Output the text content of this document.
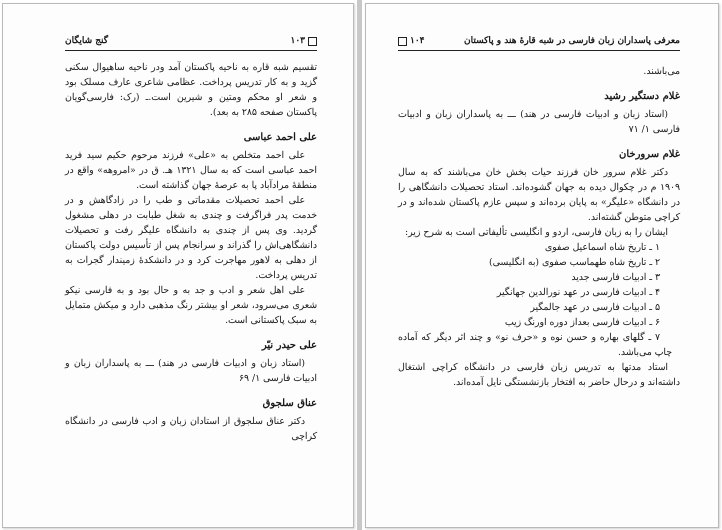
گنج شایگان	۱۰۳

تقسیم شبه قاره به ناحیه پاکستان آمد ودر ناحیه ساهیوال سکنی گزید و به کار تدریس پرداخت. عظامی شاعری عارف مسلک بود و شعر او محکم ومتین و شیرین است.ـ (رک: فارسی‌گویان پاکستان صفحه ۲۸۵ به بعد).

علی احمد عباسی

علی احمد متخلص به «علی» فرزند مرحوم حکیم سید فرید احمد عباسی است که به سال ۱۳۲۱ هـ. ق در «امروهه» واقع در منطقهٔ مرادآباد پا به عرصهٔ جهان گذاشته است.

علی احمد تحصیلات مقدماتی و طب را در زادگاهش و در خدمت پدر فراگرفت و چندی به شغل طبابت در دهلی مشغول گردید. وی پس از چندی به دانشگاه علیگر رفت و تحصیلات دانشگاهی‌اش را گذراند و سرانجام پس از تأسیس دولت پاکستان از دهلی به لاهور مهاجرت کرد و در دانشکدهٔ زمیندار گجرات به تدریس پرداخت.

علی اهل شعر و ادب و جد به و حال بود و به فارسی نیکو شعری می‌سرود، شعر او بیشتر رنگ مذهبی دارد و میکش متمایل به سبک پاکستانی است.

علی حیدر نیّر

(استاد زبان و ادبیات فارسی در هند) ـــ به پاسداران زبان و ادبیات فارسی ۱/ ۶۹

عناق سلجوق

دکتر عناق سلجوق از استادان زبان و ادب فارسی در دانشگاه کراچی

۱۰۴	معرفی پاسداران زبان فارسی در شبه قارهٔ هند و پاکستان

می‌باشند.

غلام دستگیر رشید

(استاد زبان و ادبیات فارسی در هند) ـــ به پاسداران زبان و ادبیات فارسی ۱/ ۷۱

غلام سرورخان

دکتر غلام سرور خان فرزند حیات بخش خان می‌باشند که به سال ۱۹۰۹ م در چکوال دیده به جهان گشوده‌اند. استاد تحصیلات دانشگاهی را در دانشگاه «علیگر» به پایان برده‌اند و سپس عازم پاکستان شده‌اند و در کراچی متوطن گشته‌اند.

ایشان را به زبان فارسی، اردو و انگلیسی تألیفاتی است به شرح زیر:

۱ ـ تاریخ شاه اسماعیل صفوی

۲ ـ تاریخ شاه طهماسب صفوی (به انگلیسی)

۳ ـ ادبیات فارسی جدید

۴ ـ ادبیات فارسی در عهد نورالدین جهانگیر

۵ ـ ادبیات فارسی در عهد جالمگیر

۶ ـ ادبیات فارسی بعداز دوره اورنگ زیب

۷ ـ گلهای بهاره و حسن نوه و «حرف نو» و چند اثر دیگر که آماده چاپ می‌باشد.

استاد مدتها به تدریس زبان فارسی در دانشگاه کراچی اشتغال داشته‌اند و درحال حاضر به افتخار بازنشستگی نایل آمده‌اند.
